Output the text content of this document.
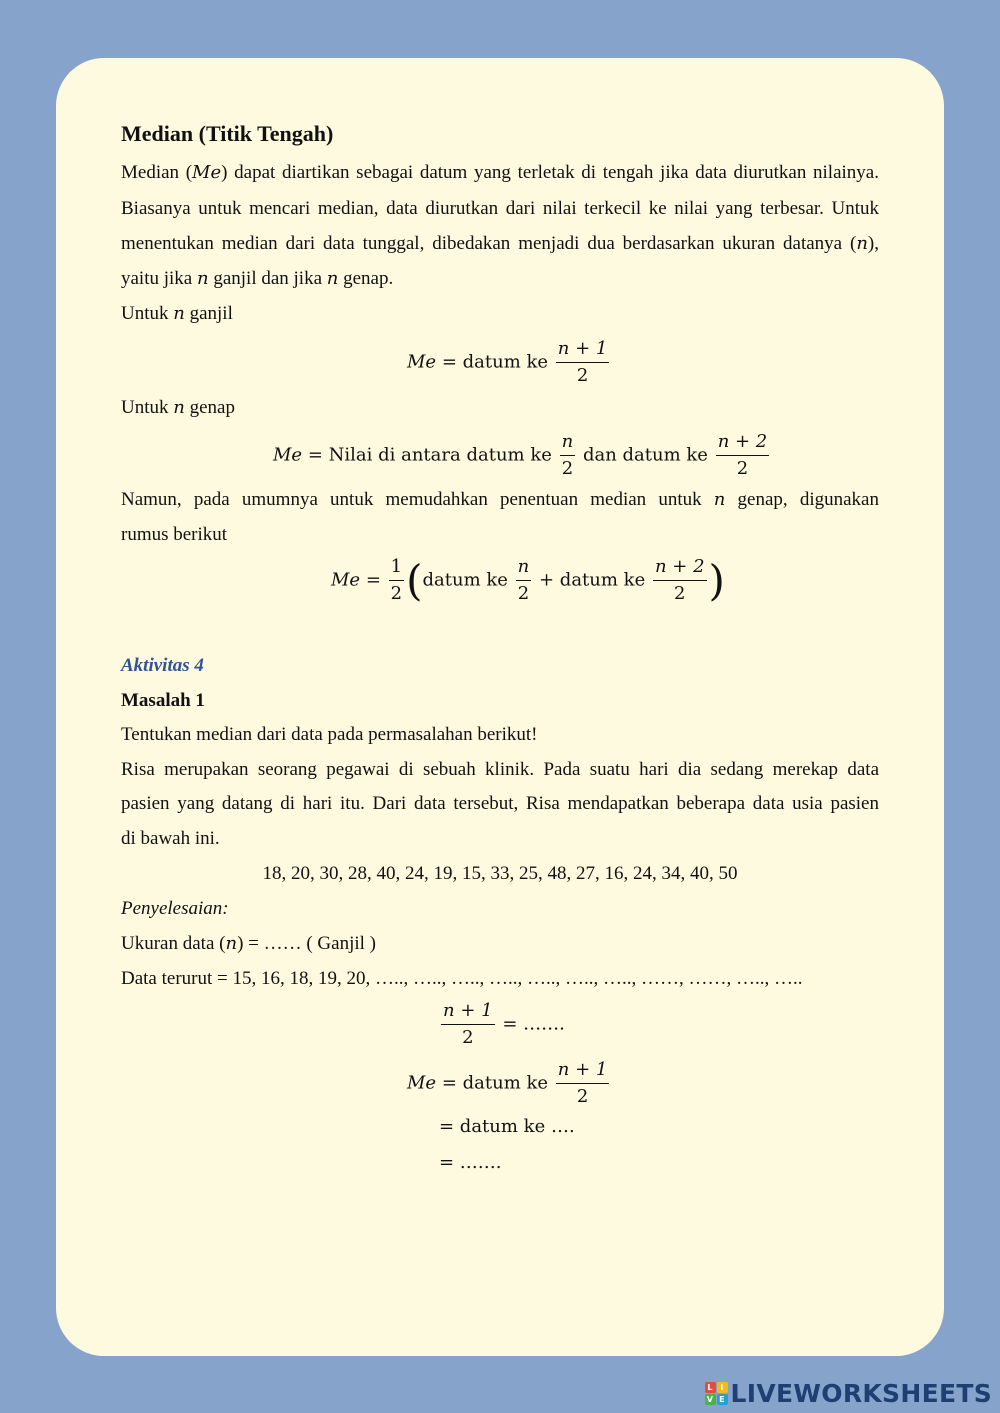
Median (Titik Tengah)
Median (Me) dapat diartikan sebagai datum yang terletak di tengah jika data diurutkan nilainya.
Biasanya untuk mencari median, data diurutkan dari nilai terkecil ke nilai yang terbesar. Untuk
menentukan median dari data tunggal, dibedakan menjadi dua berdasarkan ukuran datanya (n),
yaitu jika n ganjil dan jika n genap.
Untuk n ganjil
Me = datum ke $\frac{n + 1}{2}$
Untuk n genap
Me = Nilai di antara datum ke $\frac{n}{2}$ dan datum ke $\frac{n + 2}{2}$
Namun, pada umumnya untuk memudahkan penentuan median untuk n genap, digunakan
rumus berikut
$Me = \frac{1}{2}$ (datum ke $\frac{n}{2}$ + datum ke $\frac{n + 2}{2}$ )
Aktivitas 4
Masalah 1
Tentukan median dari data pada permasalahan berikut!
Risa merupakan seorang pegawai di sebuah klinik. Pada suatu hari dia sedang merekap data
pasien yang datang di hari itu. Dari data tersebut, Risa mendapatkan beberapa data usia pasien
di bawah ini.
18, 20, 30, 28, 40, 24, 19, 15, 33, 25, 48, 27, 16, 24, 34, 40, 50
Penyelesaian:
Ukuran data (n) = …… ( Ganjil )
Data terurut = 15, 16, 18, 19, 20, ….., ….., ….., ….., ….., ….., ….., ……, ……, ….., …..
$\frac{n + 1}{2}$ = …….
Me = datum ke $\frac{n + 1}{2}$
= datum ke ….
= …….
L I
V E LIVEWORKSHEETS
